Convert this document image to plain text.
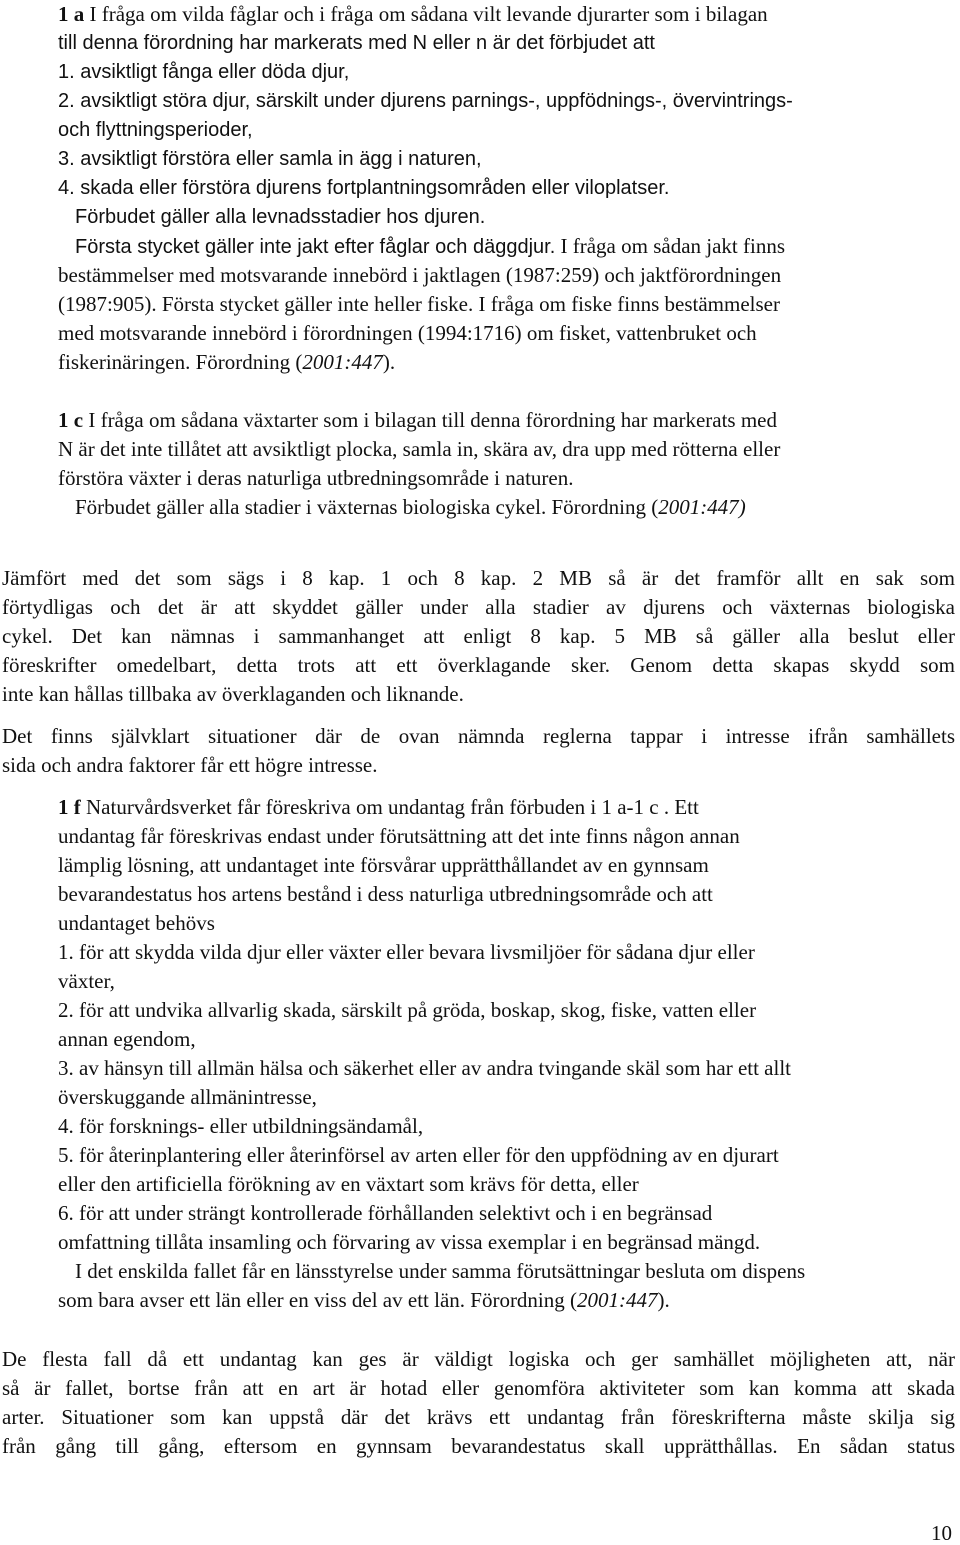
1 a I fråga om vilda fåglar och i fråga om sådana vilt levande djurarter som i bilagan
till denna förordning har markerats med N eller n är det förbjudet att
1. avsiktligt fånga eller döda djur,
2. avsiktligt störa djur, särskilt under djurens parnings-, uppfödnings-, övervintrings-
och flyttningsperioder,
3. avsiktligt förstöra eller samla in ägg i naturen,
4. skada eller förstöra djurens fortplantningsområden eller viloplatser.
Förbudet gäller alla levnadsstadier hos djuren.
Första stycket gäller inte jakt efter fåglar och däggdjur. I fråga om sådan jakt finns
bestämmelser med motsvarande innebörd i jaktlagen (1987:259) och jaktförordningen
(1987:905). Första stycket gäller inte heller fiske. I fråga om fiske finns bestämmelser
med motsvarande innebörd i förordningen (1994:1716) om fisket, vattenbruket och
fiskerinäringen. Förordning (2001:447).
1 c I fråga om sådana växtarter som i bilagan till denna förordning har markerats med
N är det inte tillåtet att avsiktligt plocka, samla in, skära av, dra upp med rötterna eller
förstöra växter i deras naturliga utbredningsområde i naturen.
Förbudet gäller alla stadier i växternas biologiska cykel. Förordning (2001:447)
Jämfört med det som sägs i 8 kap. 1 och 8 kap. 2 MB så är det framför allt en sak som
förtydligas och det är att skyddet gäller under alla stadier av djurens och växternas biologiska
cykel. Det kan nämnas i sammanhanget att enligt 8 kap. 5 MB så gäller alla beslut eller
föreskrifter omedelbart, detta trots att ett överklagande sker. Genom detta skapas skydd som
inte kan hållas tillbaka av överklaganden och liknande.
Det finns självklart situationer där de ovan nämnda reglerna tappar i intresse ifrån samhällets
sida och andra faktorer får ett högre intresse.
1 f Naturvårdsverket får föreskriva om undantag från förbuden i 1 a-1 c . Ett
undantag får föreskrivas endast under förutsättning att det inte finns någon annan
lämplig lösning, att undantaget inte försvårar upprätthållandet av en gynnsam
bevarandestatus hos artens bestånd i dess naturliga utbredningsområde och att
undantaget behövs
1. för att skydda vilda djur eller växter eller bevara livsmiljöer för sådana djur eller
växter,
2. för att undvika allvarlig skada, särskilt på gröda, boskap, skog, fiske, vatten eller
annan egendom,
3. av hänsyn till allmän hälsa och säkerhet eller av andra tvingande skäl som har ett allt
överskuggande allmänintresse,
4. för forsknings- eller utbildningsändamål,
5. för återinplantering eller återinförsel av arten eller för den uppfödning av en djurart
eller den artificiella förökning av en växtart som krävs för detta, eller
6. för att under strängt kontrollerade förhållanden selektivt och i en begränsad
omfattning tillåta insamling och förvaring av vissa exemplar i en begränsad mängd.
I det enskilda fallet får en länsstyrelse under samma förutsättningar besluta om dispens
som bara avser ett län eller en viss del av ett län. Förordning (2001:447).
De flesta fall då ett undantag kan ges är väldigt logiska och ger samhället möjligheten att, när
så är fallet, bortse från att en art är hotad eller genomföra aktiviteter som kan komma att skada
arter. Situationer som kan uppstå där det krävs ett undantag från föreskrifterna måste skilja sig
från gång till gång, eftersom en gynnsam bevarandestatus skall upprätthållas. En sådan status
10
